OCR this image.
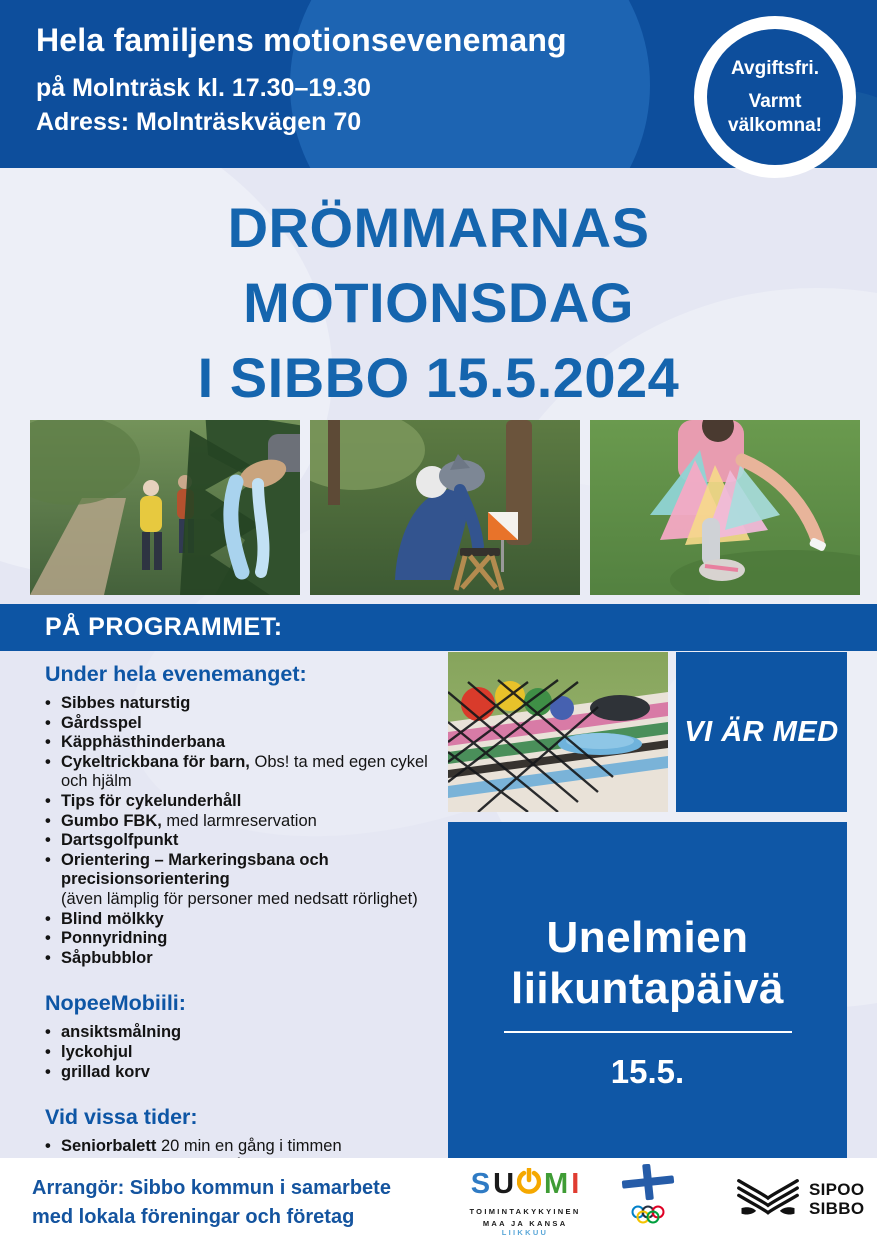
Hela familjens motionsevenemang
på Molnträsk kl. 17.30–19.30
Adress: Molnträskvägen 70
Avgiftsfri.
Varmt välkomna!
DRÖMMARNAS
MOTIONSDAG
I SIBBO 15.5.2024
PÅ PROGRAMMET:
Under hela evenemanget:
• Sibbes naturstig
• Gårdsspel
• Käpphästhinderbana
• Cykeltrickbana för barn, Obs! ta med egen cykel och hjälm
• Tips för cykelunderhåll
• Gumbo FBK, med larmreservation
• Dartsgolfpunkt
• Orientering – Markeringsbana och precisionsorientering
(även lämplig för personer med nedsatt rörlighet)
• Blind mölkky
• Ponnyridning
• Såpbubblor
NopeeMobiili:
• ansiktsmålning
• lyckohjul
• grillad korv
Vid vissa tider:
• Seniorbalett 20 min en gång i timmen
•
VI ÄR MED
Unelmien
liikuntapäivä
15.5.
Arrangör: Sibbo kommun i samarbete
med lokala föreningar och företag
S U M I
TOIMINTAKYKYINEN
MAA JA KANSA LIIKKUU
SIPOO
SIBBO
